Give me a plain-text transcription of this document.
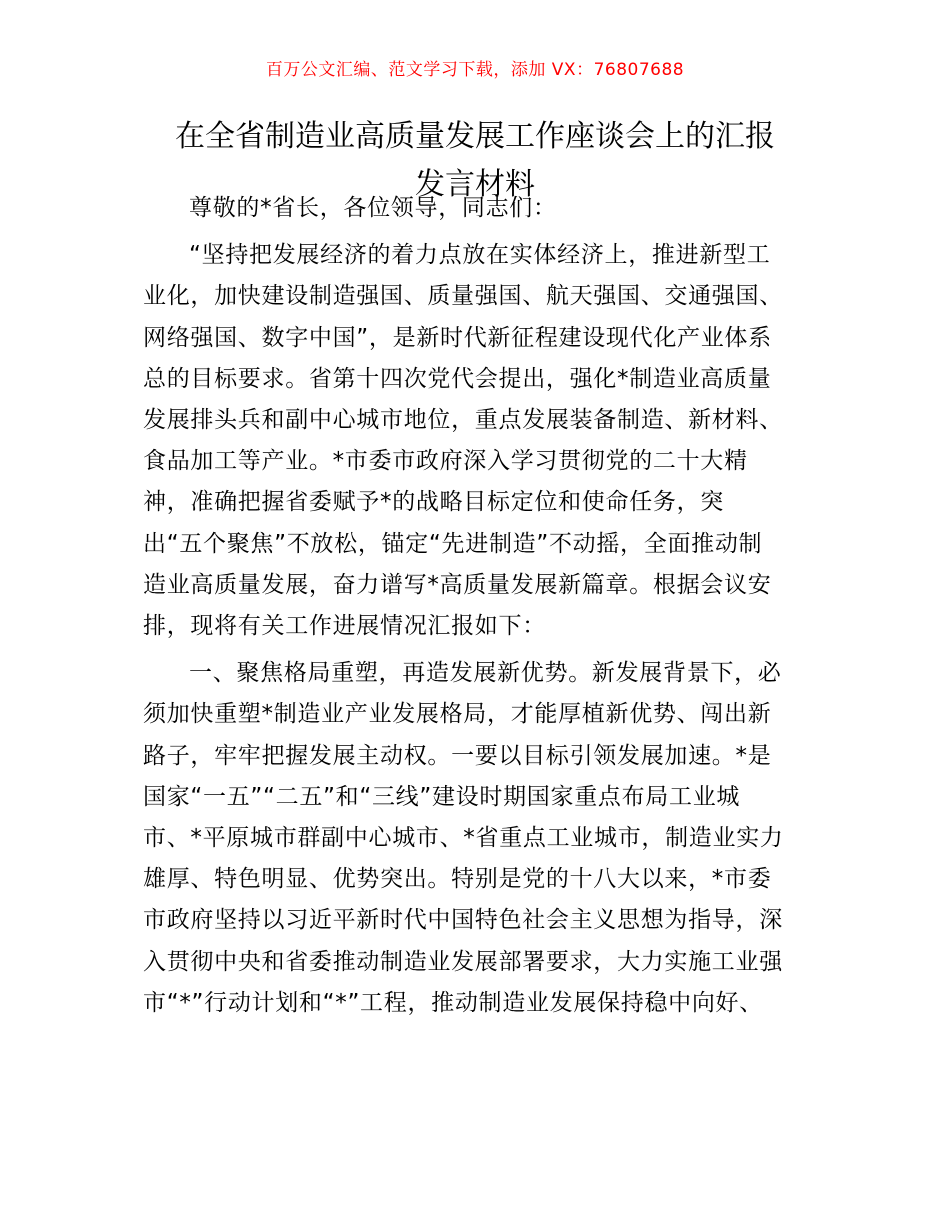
百万公文汇编、范文学习下载，添加 VX：76807688
在全省制造业高质量发展工作座谈会上的汇报
发言材料

尊敬的*省长，各位领导，同志们：

“坚持把发展经济的着力点放在实体经济上，推进新型工
业化，加快建设制造强国、质量强国、航天强国、交通强国、
网络强国、数字中国”，是新时代新征程建设现代化产业体系
总的目标要求。省第十四次党代会提出，强化*制造业高质量
发展排头兵和副中心城市地位，重点发展装备制造、新材料、
食品加工等产业。*市委市政府深入学习贯彻党的二十大精
神，准确把握省委赋予*的战略目标定位和使命任务，突
出“五个聚焦”不放松，锚定“先进制造”不动摇，全面推动制
造业高质量发展，奋力谱写*高质量发展新篇章。根据会议安
排，现将有关工作进展情况汇报如下：

一、聚焦格局重塑，再造发展新优势。新发展背景下，必
须加快重塑*制造业产业发展格局，才能厚植新优势、闯出新
路子，牢牢把握发展主动权。一要以目标引领发展加速。*是
国家“一五”“二五”和“三线”建设时期国家重点布局工业城
市、*平原城市群副中心城市、*省重点工业城市，制造业实力
雄厚、特色明显、优势突出。特别是党的十八大以来，*市委
市政府坚持以习近平新时代中国特色社会主义思想为指导，深
入贯彻中央和省委推动制造业发展部署要求，大力实施工业强
市“*”行动计划和“*”工程，推动制造业发展保持稳中向好、
